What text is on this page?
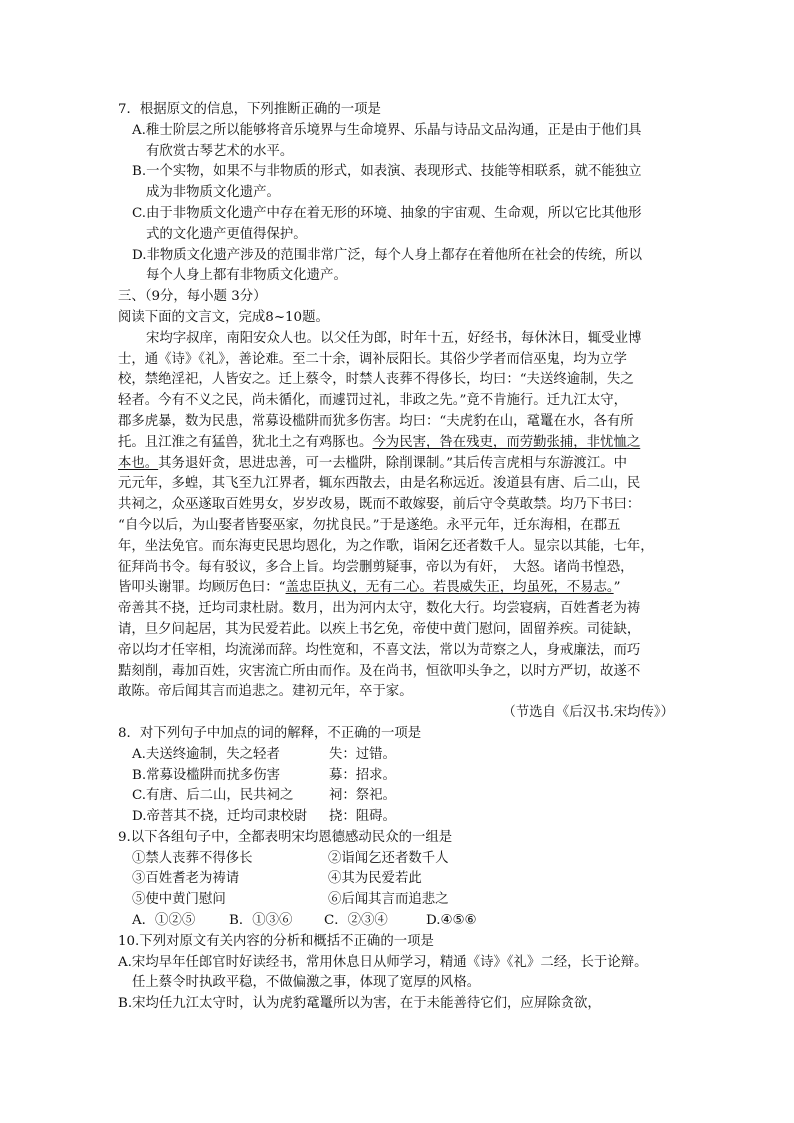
7．根据原文的信息，下列推断正确的一项是
A.稚士阶层之所以能够将音乐境界与生命境界、乐晶与诗品文品沟通，正是由于他们具
有欣赏古琴艺术的水平。
B.一个实物，如果不与非物质的形式，如表演、表现形式、技能等相联系，就不能独立
成为非物质文化遗产。
C.由于非物质文化遗产中存在着无形的环境、抽象的宇宙观、生命观，所以它比其他形
式的文化遗产更值得保护。
D.非物质文化遗产涉及的范围非常广泛，每个人身上都存在着他所在社会的传统，所以
每个人身上都有非物质文化遗产。
三、（9分，每小题 3分）
阅读下面的文言文，完成8~10题。
宋均字叔庠，南阳安众人也。以父任为郎，时年十五，好经书，每休沐日，辄受业博
士，通《诗》《礼》，善论难。至二十余，调补辰阳长。其俗少学者而信巫鬼，均为立学
校，禁绝淫祀，人皆安之。迁上蔡令，时禁人丧葬不得侈长，均曰：“夫送终逾制，失之
轻者。今有不义之民，尚未循化，而遽罚过礼，非政之先。”竟不肯施行。迁九江太守，
郡多虎暴，数为民患，常募设槛阱而犹多伤害。均曰：“夫虎豹在山，鼋鼍在水，各有所
托。且江淮之有猛兽，犹北土之有鸡豚也。今为民害，咎在残吏，而劳勤张捕，非忧恤之
本也。其务退奸贪，思进忠善，可一去槛阱，除削课制。”其后传言虎相与东游渡江。中
元元年，多蝗，其飞至九江界者，辄东西散去，由是名称远近。浚道县有唐、后二山，民
共祠之，众巫遂取百姓男女，岁岁改易，既而不敢嫁娶，前后守令莫敢禁。均乃下书曰：
“自今以后，为山娶者皆娶巫家，勿扰良民。”于是遂绝。永平元年，迁东海相，在郡五
年，坐法免官。而东海吏民思均恩化，为之作歌，诣闲乞还者数千人。显宗以其能，七年，
征拜尚书令。每有驳议，多合上旨。均尝删剪疑事，帝以为有奸，　大怒。诸尚书惶恐，
皆叩头谢罪。均顾厉色曰：“盖忠臣执义，无有二心。若畏威失正，均虽死，不易志。”
帝善其不挠，迁均司隶杜尉。数月，出为河内太守，数化大行。均尝寝病，百姓耆老为祷
请，旦夕问起居，其为民爱若此。以疾上书乞免，帝使中黄门慰问，固留养疾。司徒缺，
帝以均才任宰相，均流涕而辞。均性宽和，不喜文法，常以为苛察之人，身戒廉法，而巧
黠刻削，毒加百姓，灾害流亡所由而作。及在尚书，恒欲叩头争之，以时方严切，故遂不
敢陈。帝后闻其言而追悲之。建初元年，卒于家。
（节选自《后汉书.宋均传》）
8．对下列句子中加点的词的解释，不正确的一项是
A.夫送终逾制，失之轻者	失：过错。
B.常募设槛阱而扰多伤害	募：招求。
C.有唐、后二山，民共祠之	祠：祭祀。
D.帝菩其不挠，迁均司隶校尉 挠：阻碍。
9.以下各组句子中，全都表明宋均恩德感动民众的一组是
①禁人丧葬不得侈长	②诣闻乞还者数千人
③百姓耆老为祷请	④其为民爱若此
⑤使中黄门慰问	⑥后闻其言而追悲之
A．①②⑤	B．①③⑥ C．②③④	D.④⑤⑥
10.下列对原文有关内容的分析和概括不正确的一项是
A.宋均早年任郎官时好读经书，常用休息日从师学习，精通《诗》《礼》二经，长于论辩。
任上蔡令时执政平稳，不做偏激之事，体现了宽厚的风格。
B.宋均任九江太守时，认为虎豹鼋鼍所以为害，在于未能善待它们，应屏除贪欲，
